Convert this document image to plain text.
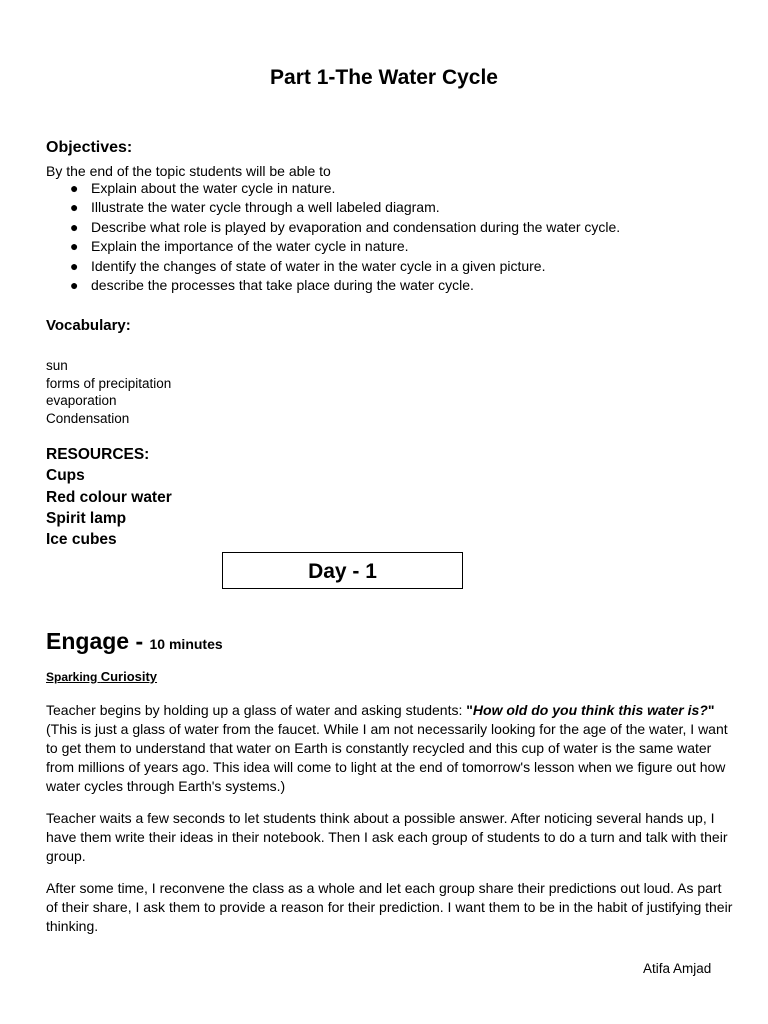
Part 1-The Water Cycle
Objectives:
By the end of the topic students will be able to
● Explain about the water cycle in nature.
● Illustrate the water cycle through a well labeled diagram.
● Describe what role is played by evaporation and condensation during the water cycle.
● Explain the importance of the water cycle in nature.
● Identify the changes of state of water in the water cycle in a given picture.
● describe the processes that take place during the water cycle.
Vocabulary:
sun
forms of precipitation
evaporation
Condensation
RESOURCES:
Cups
Red colour water
Spirit lamp
Ice cubes
Day - 1
Engage - 10 minutes
Sparking Curiosity
Teacher begins by holding up a glass of water and asking students: "How old do you think this water is?" (This is just a glass of water from the faucet. While I am not necessarily looking for the age of the water, I want to get them to understand that water on Earth is constantly recycled and this cup of water is the same water from millions of years ago. This idea will come to light at the end of tomorrow's lesson when we figure out how water cycles through Earth's systems.)
Teacher waits a few seconds to let students think about a possible answer. After noticing several hands up, I have them write their ideas in their notebook. Then I ask each group of students to do a turn and talk with their group.
After some time, I reconvene the class as a whole and let each group share their predictions out loud. As part of their share, I ask them to provide a reason for their prediction. I want them to be in the habit of justifying their thinking.
Atifa Amjad
